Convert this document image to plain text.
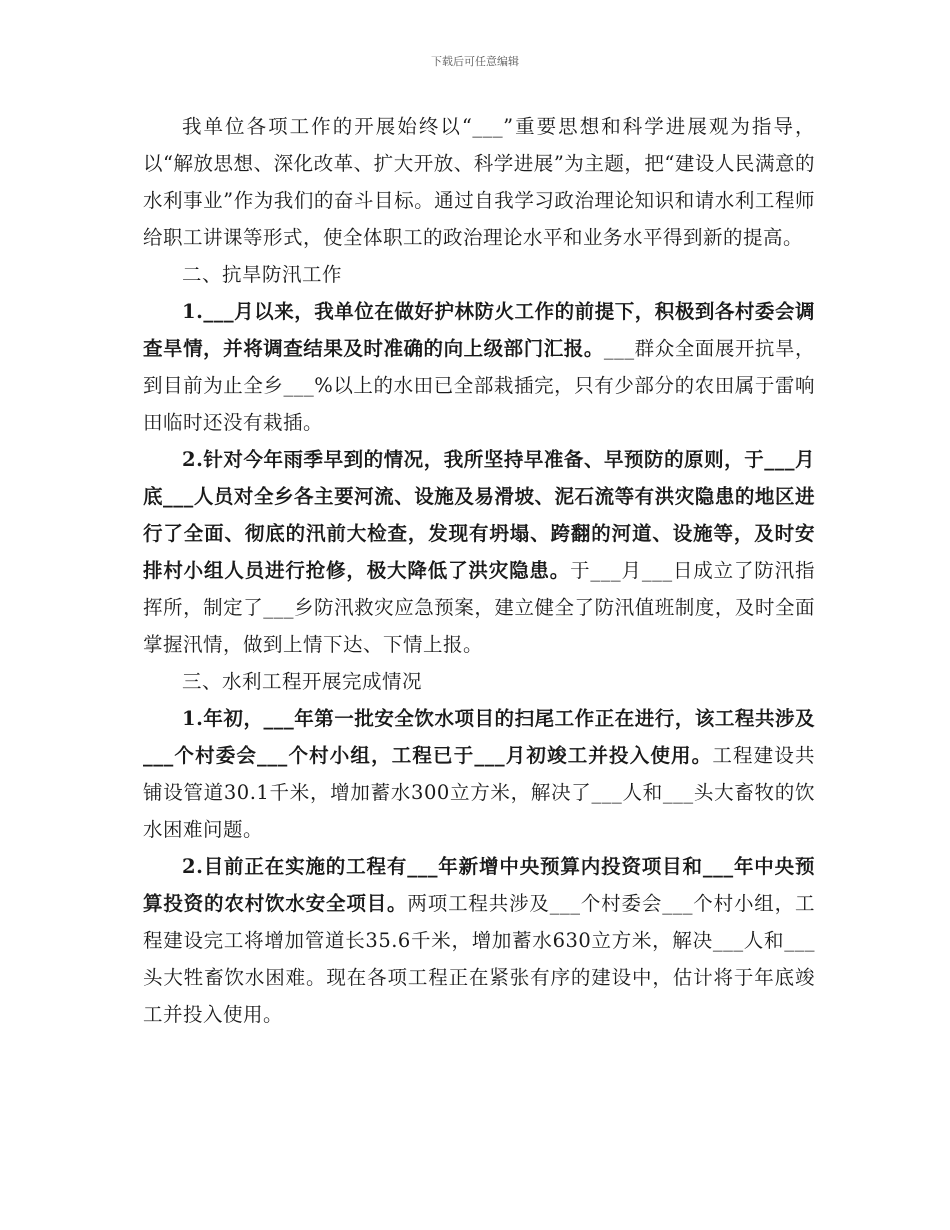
下载后可任意编辑

我单位各项工作的开展始终以“___”重要思想和科学进展观为指导，以“解放思想、深化改革、扩大开放、科学进展”为主题，把“建设人民满意的水利事业”作为我们的奋斗目标。通过自我学习政治理论知识和请水利工程师给职工讲课等形式，使全体职工的政治理论水平和业务水平得到新的提高。

二、抗旱防汛工作

1.___月以来，我单位在做好护林防火工作的前提下，积极到各村委会调查旱情，并将调查结果及时准确的向上级部门汇报。___群众全面展开抗旱，到目前为止全乡___%以上的水田已全部栽插完，只有少部分的农田属于雷响田临时还没有栽插。

2.针对今年雨季早到的情况，我所坚持早准备、早预防的原则，于___月底___人员对全乡各主要河流、设施及易滑坡、泥石流等有洪灾隐患的地区进行了全面、彻底的汛前大检查，发现有坍塌、跨翻的河道、设施等，及时安排村小组人员进行抢修，极大降低了洪灾隐患。于___月___日成立了防汛指挥所，制定了___乡防汛救灾应急预案，建立健全了防汛值班制度，及时全面掌握汛情，做到上情下达、下情上报。

三、水利工程开展完成情况

1.年初，___年第一批安全饮水项目的扫尾工作正在进行，该工程共涉及___个村委会___个村小组，工程已于___月初竣工并投入使用。工程建设共铺设管道30.1千米，增加蓄水300立方米，解决了___人和___头大畜牧的饮水困难问题。

2.目前正在实施的工程有___年新增中央预算内投资项目和___年中央预算投资的农村饮水安全项目。两项工程共涉及___个村委会___个村小组，工程建设完工将增加管道长35.6千米，增加蓄水630立方米，解决___人和___头大牲畜饮水困难。现在各项工程正在紧张有序的建设中，估计将于年底竣工并投入使用。
